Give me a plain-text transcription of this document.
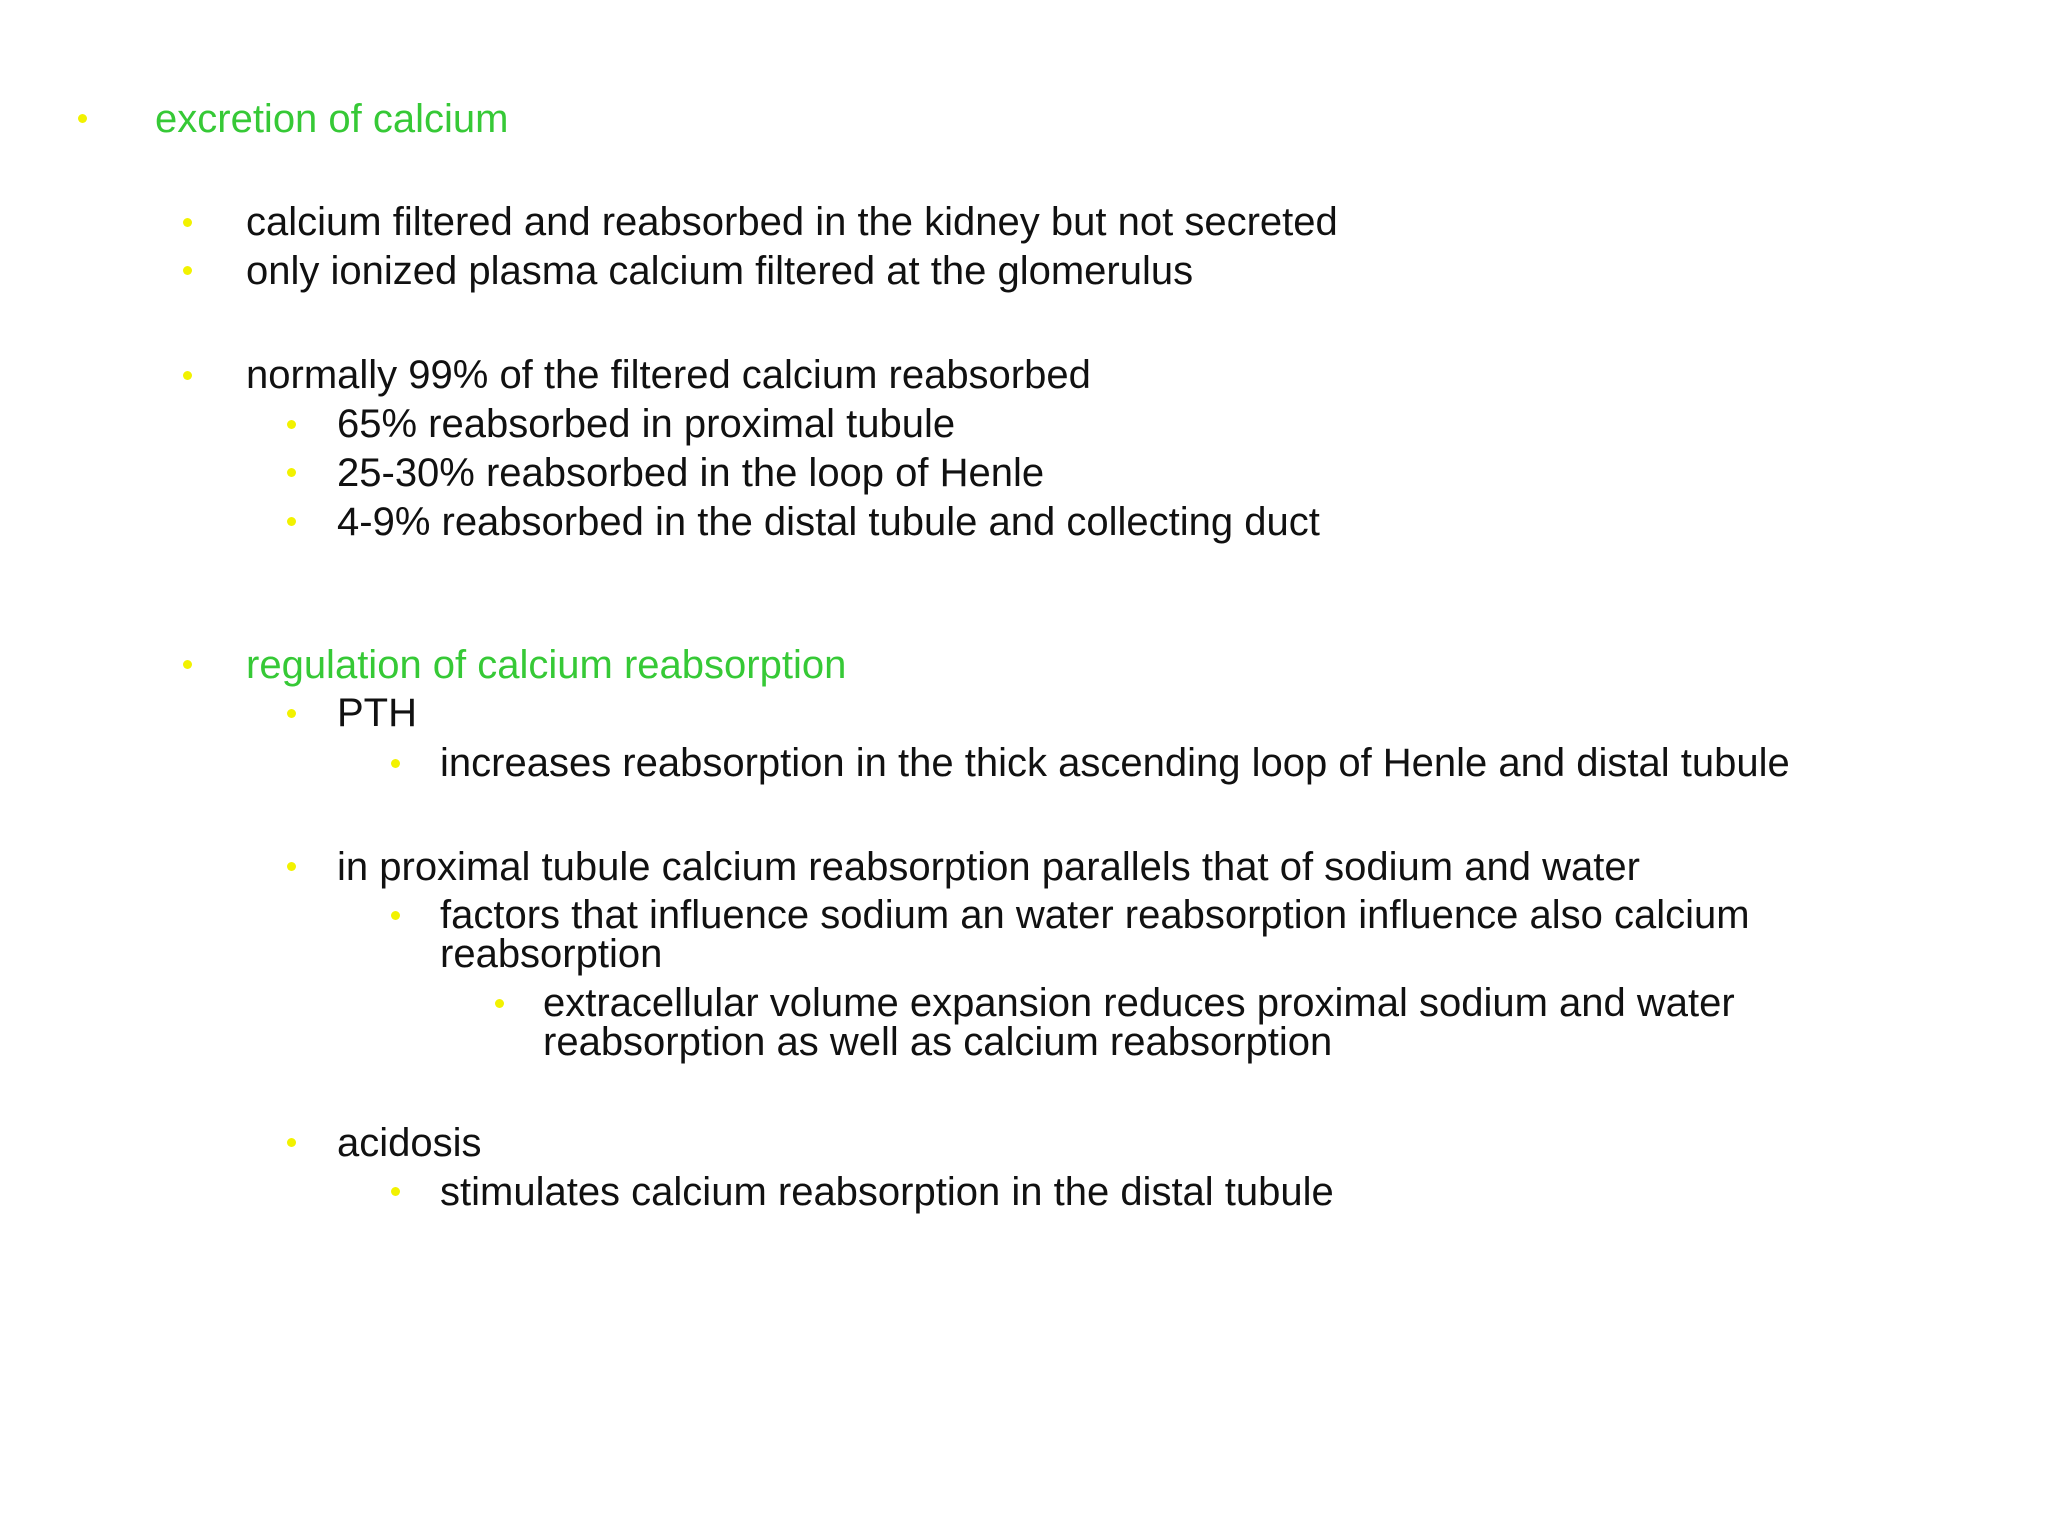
excretion of calcium
calcium filtered and reabsorbed in the kidney but not secreted
only ionized plasma calcium filtered at the glomerulus
normally 99% of the filtered calcium reabsorbed
65% reabsorbed in proximal tubule
25-30% reabsorbed in the loop of Henle
4-9% reabsorbed in the distal tubule and collecting duct
regulation of calcium reabsorption
PTH
increases reabsorption in the thick ascending loop of Henle and distal tubule
in proximal tubule calcium reabsorption parallels that of sodium and water
factors that influence sodium an water reabsorption influence also calcium
reabsorption
extracellular volume expansion reduces proximal sodium and water
reabsorption as well as calcium reabsorption
acidosis
stimulates calcium reabsorption in the distal tubule
